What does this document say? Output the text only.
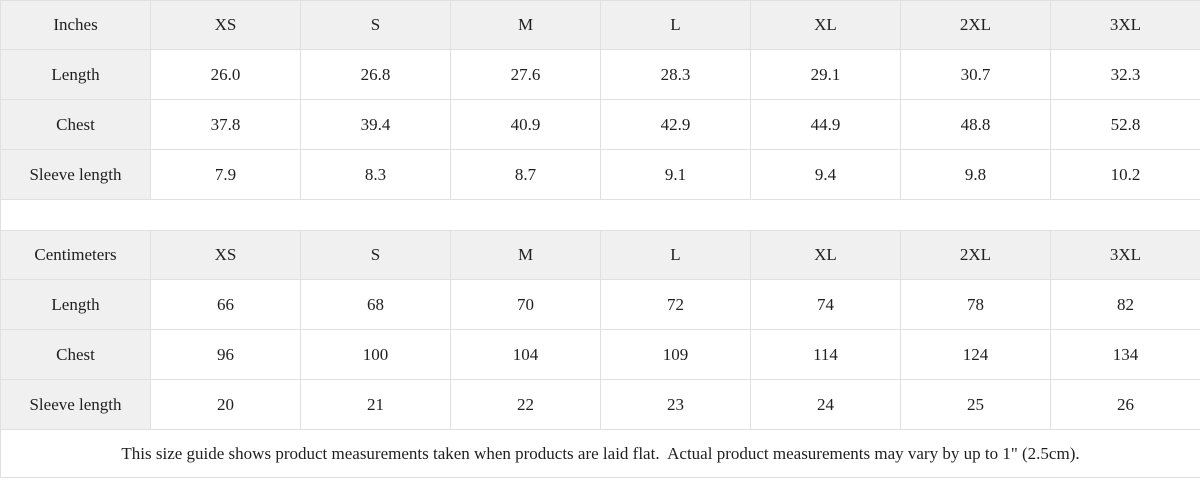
Inches	XS	S	M	L	XL	2XL	3XL
Length	26.0	26.8	27.6	28.3	29.1	30.7	32.3
Chest	37.8	39.4	40.9	42.9	44.9	48.8	52.8
Sleeve length	7.9	8.3	8.7	9.1	9.4	9.8	10.2

Centimeters	XS	S	M	L	XL	2XL	3XL
Length	66	68	70	72	74	78	82
Chest	96	100	104	109	114	124	134
Sleeve length	20	21	22	23	24	25	26
This size guide shows product measurements taken when products are laid flat.  Actual product measurements may vary by up to 1" (2.5cm).							
